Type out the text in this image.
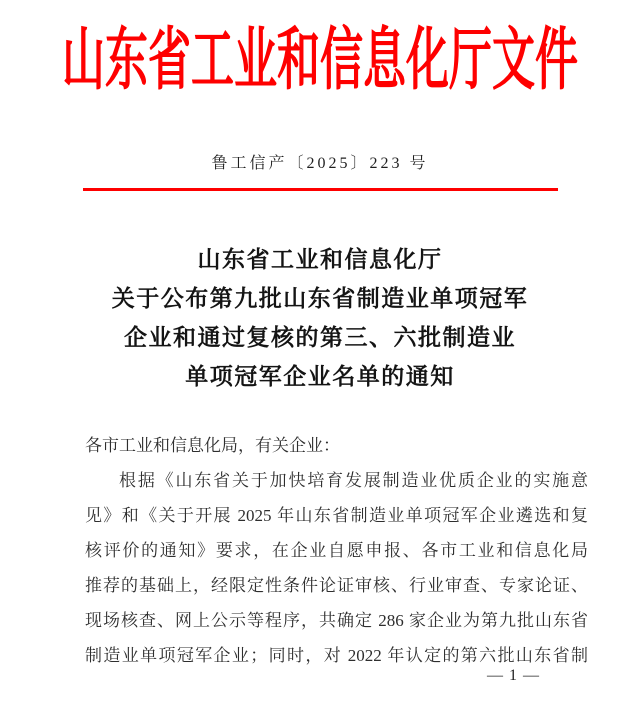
山东省工业和信息化厅文件
鲁工信产〔2025〕223 号
山东省工业和信息化厅
关于公布第九批山东省制造业单项冠军
企业和通过复核的第三、六批制造业
单项冠军企业名单的通知
各市工业和信息化局，有关企业：
根据《山东省关于加快培育发展制造业优质企业的实施意
见》和《关于开展 2025 年山东省制造业单项冠军企业遴选和复
核评价的通知》要求，在企业自愿申报、各市工业和信息化局
推荐的基础上，经限定性条件论证审核、行业审查、专家论证、
现场核查、网上公示等程序，共确定 286 家企业为第九批山东省
制造业单项冠军企业；同时，对 2022 年认定的第六批山东省制
— 1 —
